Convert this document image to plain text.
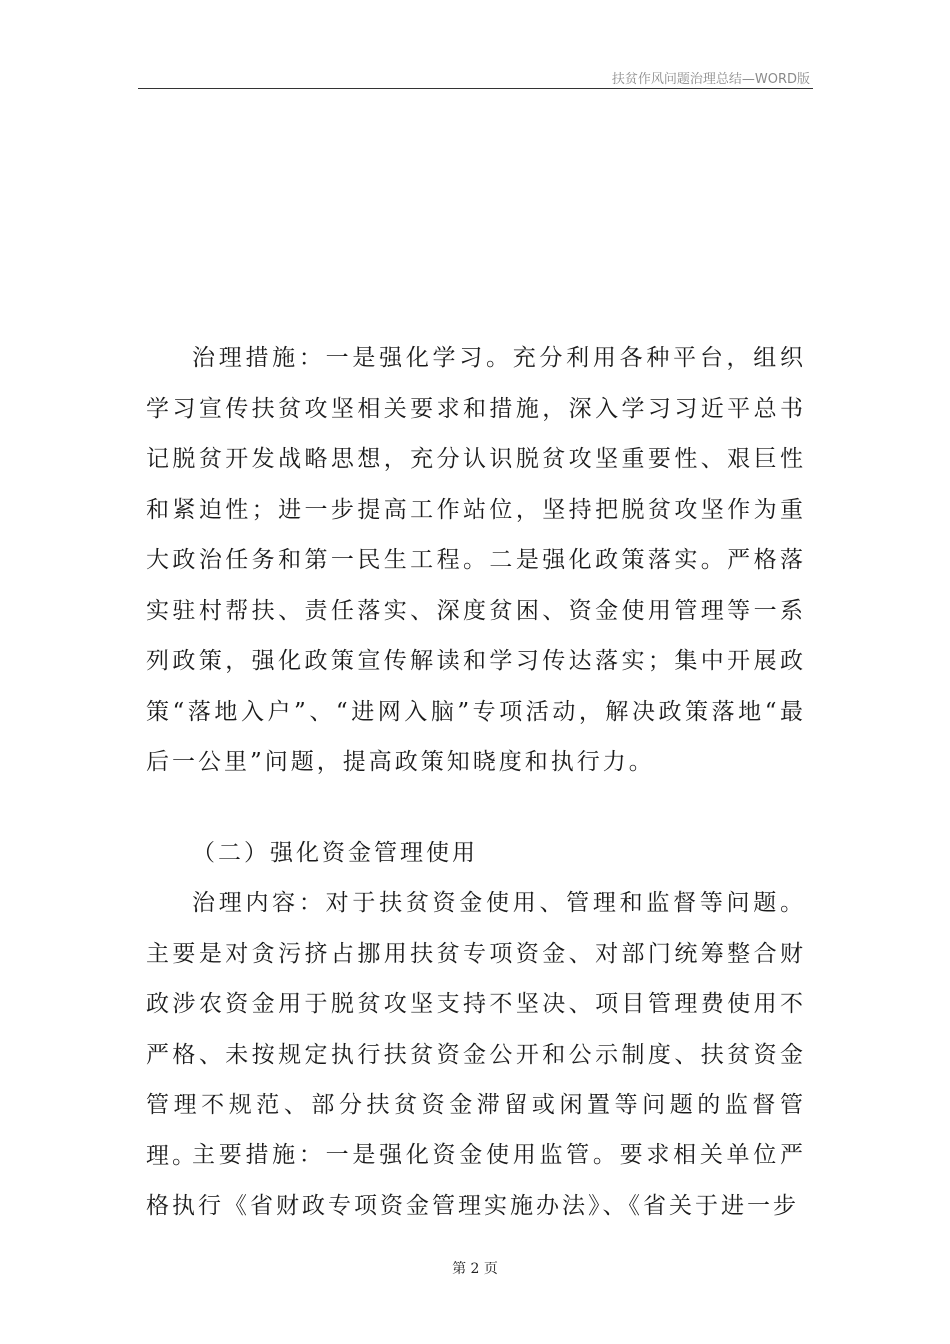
扶贫作风问题治理总结—WORD版

治理措施：一是强化学习。充分利用各种平台，组织学习宣传扶贫攻坚相关要求和措施，深入学习习近平总书记脱贫开发战略思想，充分认识脱贫攻坚重要性、艰巨性和紧迫性；进一步提高工作站位，坚持把脱贫攻坚作为重大政治任务和第一民生工程。二是强化政策落实。严格落实驻村帮扶、责任落实、深度贫困、资金使用管理等一系列政策，强化政策宣传解读和学习传达落实；集中开展政策“落地入户”、“进网入脑”专项活动，解决政策落地“最后一公里”问题，提高政策知晓度和执行力。

（二）强化资金管理使用

治理内容：对于扶贫资金使用、管理和监督等问题。主要是对贪污挤占挪用扶贫专项资金、对部门统筹整合财政涉农资金用于脱贫攻坚支持不坚决、项目管理费使用不严格、未按规定执行扶贫资金公开和公示制度、扶贫资金管理不规范、部分扶贫资金滞留或闲置等问题的监督管理。

主要措施：一是强化资金使用监管。要求相关单位严格执行《省财政专项资金管理实施办法》、《省关于进一步

第 2 页
